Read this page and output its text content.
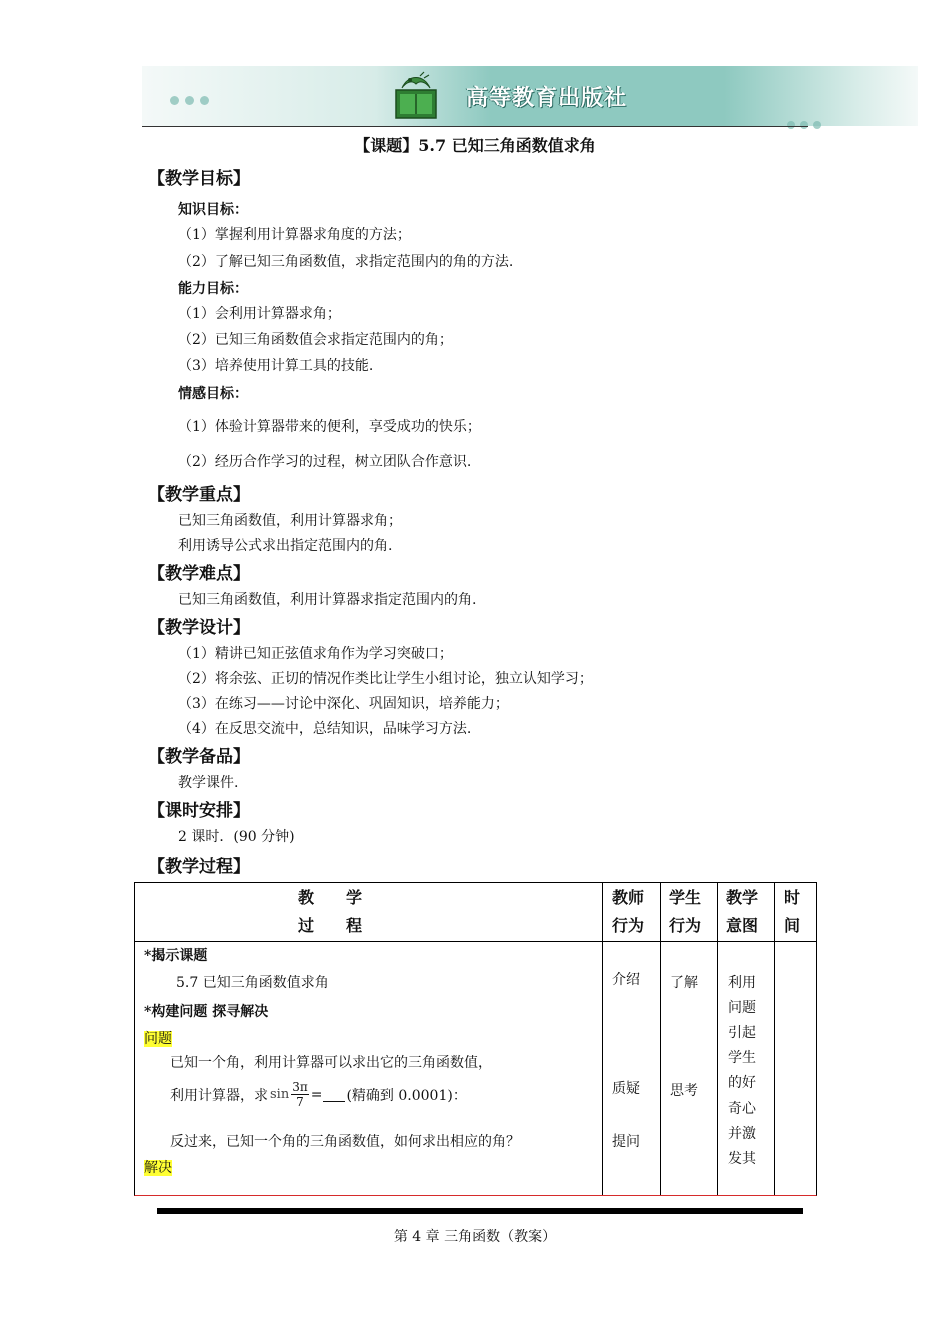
高等教育出版社
【课题】5.7 已知三角函数值求角
【教学目标】
知识目标：
（1）掌握利用计算器求角度的方法；
（2）了解已知三角函数值，求指定范围内的角的方法.
能力目标：
（1）会利用计算器求角；
（2）已知三角函数值会求指定范围内的角；
（3）培养使用计算工具的技能.
情感目标：
（1）体验计算器带来的便利，享受成功的快乐；
（2）经历合作学习的过程，树立团队合作意识.
【教学重点】
已知三角函数值，利用计算器求角；
利用诱导公式求出指定范围内的角.
【教学难点】
已知三角函数值，利用计算器求指定范围内的角.
【教学设计】
（1）精讲已知正弦值求角作为学习突破口；
（2）将余弦、正切的情况作类比让学生小组讨论，独立认知学习；
（3）在练习——讨论中深化、巩固知识，培养能力；
（4）在反思交流中，总结知识，品味学习方法.
【教学备品】
教学课件.
【课时安排】
2 课时．(90 分钟)
【教学过程】
教　　学
过　　程
教师
行为
学生
行为
教学
意图
时
间
*揭示课题
5.7 已知三角函数值求角
*构建问题 探寻解决
问题
已知一个角，利用计算器可以求出它的三角函数值，
利用计算器，求 $\sin \frac{3\pi}{7}$ = (精确到 0.0001)：
反过来，已知一个角的三角函数值，如何求出相应的角？
解决
介绍
质疑
提问
了解
思考
利用
问题
引起
学生
的好
奇心
并激
发其
第 4 章 三角函数（教案）
